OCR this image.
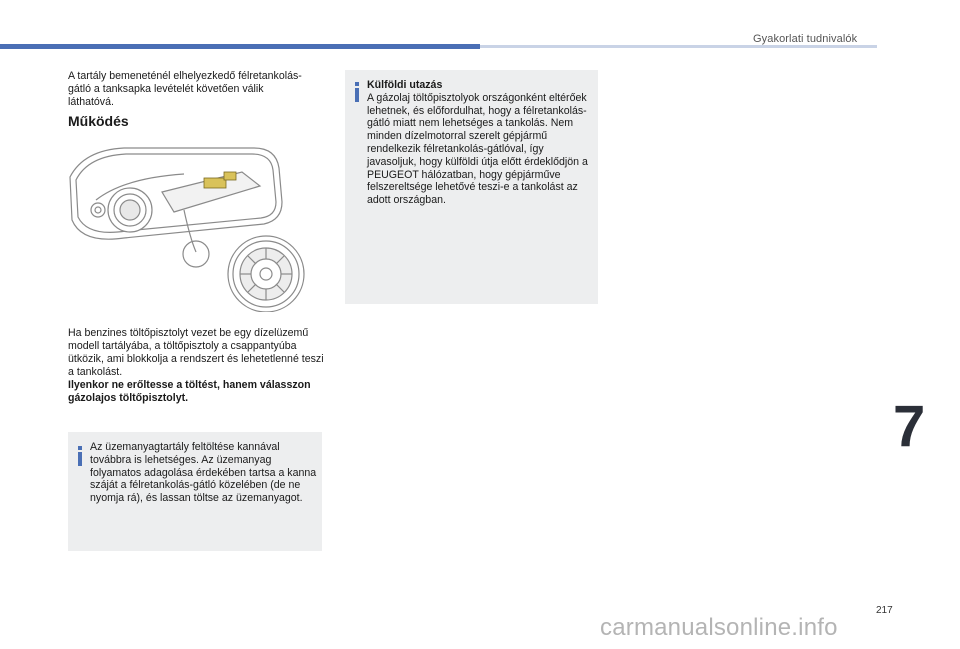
Gyakorlati tudnivalók

A tartály bemeneténél elhelyezkedő félretankolás-gátló a tanksapka levételét követően válik láthatóvá.

Működés

Ha benzines töltőpisztolyt vezet be egy dízelüzemű modell tartályába, a töltőpisztoly a csappantyúba ütközik, ami blokkolja a rendszert és lehetetlenné teszi a tankolást.
Ilyenkor ne erőltesse a töltést, hanem válasszon gázolajos töltőpisztolyt.

Az üzemanyagtartály feltöltése kannával továbbra is lehetséges. Az üzemanyag folyamatos adagolása érdekében tartsa a kanna száját a félretankolás-gátló közelében (de ne nyomja rá), és lassan töltse az üzemanyagot.

Külföldi utazás
A gázolaj töltőpisztolyok országonként eltérőek lehetnek, és előfordulhat, hogy a félretankolás-gátló miatt nem lehetséges a tankolás. Nem minden dízelmotorral szerelt gépjármű rendelkezik félretankolás-gátlóval, így javasoljuk, hogy külföldi útja előtt érdeklődjön a PEUGEOT hálózatban, hogy gépjárműve felszereltsége lehetővé teszi-e a tankolást az adott országban.

7
217
carmanualsonline.info
